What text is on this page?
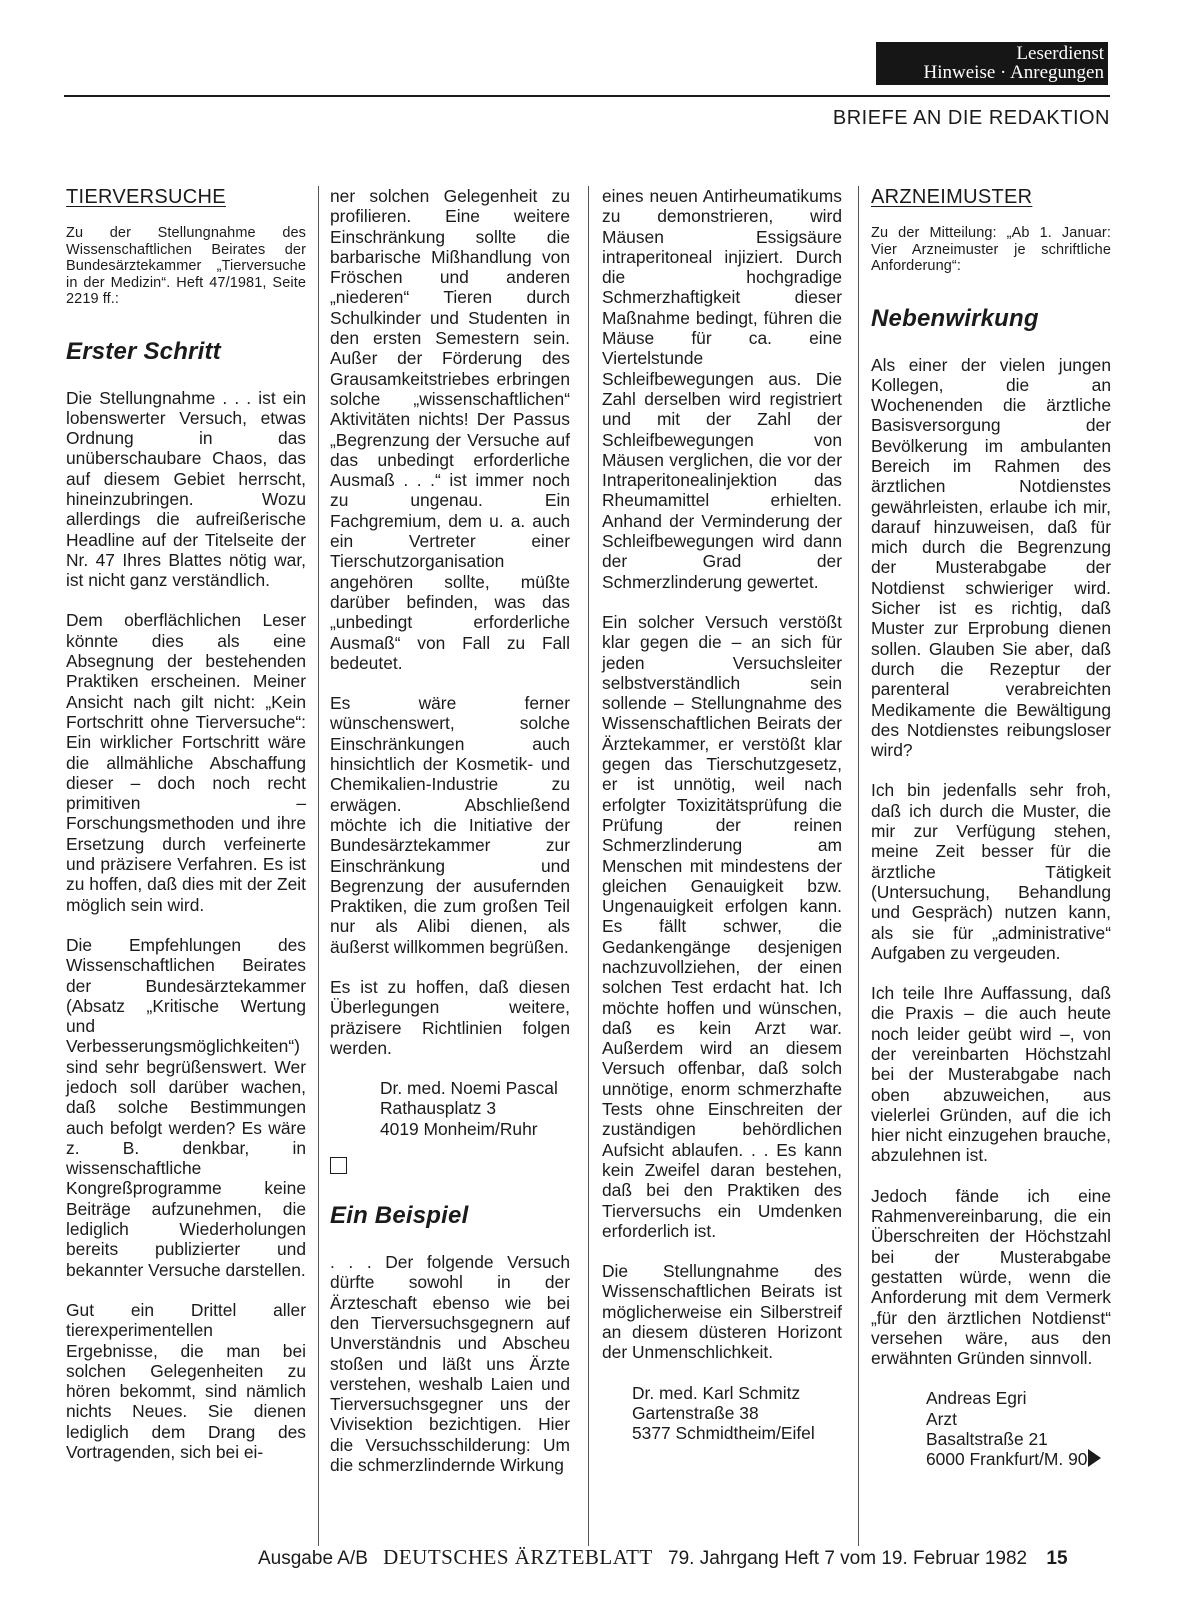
Leserdienst
Hinweise · Anregungen
BRIEFE AN DIE REDAKTION
TIERVERSUCHE

Zu der Stellungnahme des Wissenschaftlichen Beirates der Bundesärztekammer „Tierversuche in der Medizin“. Heft 47/1981, Seite 2219 ff.:

Erster Schritt

Die Stellungnahme . . . ist ein lobenswerter Versuch, etwas Ordnung in das unüberschaubare Chaos, das auf diesem Gebiet herrscht, hineinzubringen. Wozu allerdings die aufreißerische Headline auf der Titelseite der Nr. 47 Ihres Blattes nötig war, ist nicht ganz verständlich.

Dem oberflächlichen Leser könnte dies als eine Absegnung der bestehenden Praktiken erscheinen. Meiner Ansicht nach gilt nicht: „Kein Fortschritt ohne Tierversuche“: Ein wirklicher Fortschritt wäre die allmähliche Abschaffung dieser – doch noch recht primitiven – Forschungsmethoden und ihre Ersetzung durch verfeinerte und präzisere Verfahren. Es ist zu hoffen, daß dies mit der Zeit möglich sein wird.

Die Empfehlungen des Wissenschaftlichen Beirates der Bundesärztekammer (Absatz „Kritische Wertung und Verbesserungsmöglichkeiten“) sind sehr begrüßenswert. Wer jedoch soll darüber wachen, daß solche Bestimmungen auch befolgt werden? Es wäre z. B. denkbar, in wissenschaftliche Kongreßprogramme keine Beiträge aufzunehmen, die lediglich Wiederholungen bereits publizierter und bekannter Versuche darstellen.

Gut ein Drittel aller tierexperimentellen Ergebnisse, die man bei solchen Gelegenheiten zu hören bekommt, sind nämlich nichts Neues. Sie dienen lediglich dem Drang des Vortragenden, sich bei ei-

ner solchen Gelegenheit zu profilieren. Eine weitere Einschränkung sollte die barbarische Mißhandlung von Fröschen und anderen „niederen“ Tieren durch Schulkinder und Studenten in den ersten Semestern sein. Außer der Förderung des Grausamkeitstriebes erbringen solche „wissenschaftlichen“ Aktivitäten nichts! Der Passus „Begrenzung der Versuche auf das unbedingt erforderliche Ausmaß . . .“ ist immer noch zu ungenau. Ein Fachgremium, dem u. a. auch ein Vertreter einer Tierschutzorganisation angehören sollte, müßte darüber befinden, was das „unbedingt erforderliche Ausmaß“ von Fall zu Fall bedeutet.

Es wäre ferner wünschenswert, solche Einschränkungen auch hinsichtlich der Kosmetik- und Chemikalien-Industrie zu erwägen. Abschließend möchte ich die Initiative der Bundesärztekammer zur Einschränkung und Begrenzung der ausufernden Praktiken, die zum großen Teil nur als Alibi dienen, als äußerst willkommen begrüßen.

Es ist zu hoffen, daß diesen Überlegungen weitere, präzisere Richtlinien folgen werden.

Dr. med. Noemi Pascal
Rathausplatz 3
4019 Monheim/Ruhr
Ein Beispiel

. . . Der folgende Versuch dürfte sowohl in der Ärzteschaft ebenso wie bei den Tierversuchsgegnern auf Unverständnis und Abscheu stoßen und läßt uns Ärzte verstehen, weshalb Laien und Tierversuchsgegner uns der Vivisektion bezichtigen. Hier die Versuchsschilderung: Um die schmerzlindernde Wirkung

eines neuen Antirheumatikums zu demonstrieren, wird Mäusen Essigsäure intraperitoneal injiziert. Durch die hochgradige Schmerzhaftigkeit dieser Maßnahme bedingt, führen die Mäuse für ca. eine Viertelstunde Schleifbewegungen aus. Die Zahl derselben wird registriert und mit der Zahl der Schleifbewegungen von Mäusen verglichen, die vor der Intraperitonealinjektion das Rheumamittel erhielten. Anhand der Verminderung der Schleifbewegungen wird dann der Grad der Schmerzlinderung gewertet.

Ein solcher Versuch verstößt klar gegen die – an sich für jeden Versuchsleiter selbstverständlich sein sollende – Stellungnahme des Wissenschaftlichen Beirats der Ärztekammer, er verstößt klar gegen das Tierschutzgesetz, er ist unnötig, weil nach erfolgter Toxizitätsprüfung die Prüfung der reinen Schmerzlinderung am Menschen mit mindestens der gleichen Genauigkeit bzw. Ungenauigkeit erfolgen kann. Es fällt schwer, die Gedankengänge desjenigen nachzuvollziehen, der einen solchen Test erdacht hat. Ich möchte hoffen und wünschen, daß es kein Arzt war. Außerdem wird an diesem Versuch offenbar, daß solch unnötige, enorm schmerzhafte Tests ohne Einschreiten der zuständigen behördlichen Aufsicht ablaufen. . . Es kann kein Zweifel daran bestehen, daß bei den Praktiken des Tierversuchs ein Umdenken erforderlich ist.

Die Stellungnahme des Wissenschaftlichen Beirats ist möglicherweise ein Silberstreif an diesem düsteren Horizont der Unmenschlichkeit.

Dr. med. Karl Schmitz
Gartenstraße 38
5377 Schmidtheim/Eifel
ARZNEIMUSTER

Zu der Mitteilung: „Ab 1. Januar: Vier Arzneimuster je schriftliche Anforderung“:

Nebenwirkung

Als einer der vielen jungen Kollegen, die an Wochenenden die ärztliche Basisversorgung der Bevölkerung im ambulanten Bereich im Rahmen des ärztlichen Notdienstes gewährleisten, erlaube ich mir, darauf hinzuweisen, daß für mich durch die Begrenzung der Musterabgabe der Notdienst schwieriger wird. Sicher ist es richtig, daß Muster zur Erprobung dienen sollen. Glauben Sie aber, daß durch die Rezeptur der parenteral verabreichten Medikamente die Bewältigung des Notdienstes reibungsloser wird?

Ich bin jedenfalls sehr froh, daß ich durch die Muster, die mir zur Verfügung stehen, meine Zeit besser für die ärztliche Tätigkeit (Untersuchung, Behandlung und Gespräch) nutzen kann, als sie für „administrative“ Aufgaben zu vergeuden.

Ich teile Ihre Auffassung, daß die Praxis – die auch heute noch leider geübt wird –, von der vereinbarten Höchstzahl bei der Musterabgabe nach oben abzuweichen, aus vielerlei Gründen, auf die ich hier nicht einzugehen brauche, abzulehnen ist.

Jedoch fände ich eine Rahmenvereinbarung, die ein Überschreiten der Höchstzahl bei der Musterabgabe gestatten würde, wenn die Anforderung mit dem Vermerk „für den ärztlichen Notdienst“ versehen wäre, aus den erwähnten Gründen sinnvoll.

Andreas Egri
Arzt
Basaltstraße 21
6000 Frankfurt/M. 90
Ausgabe A/B DEUTSCHES ÄRZTEBLATT 79. Jahrgang Heft 7 vom 19. Februar 1982 15
